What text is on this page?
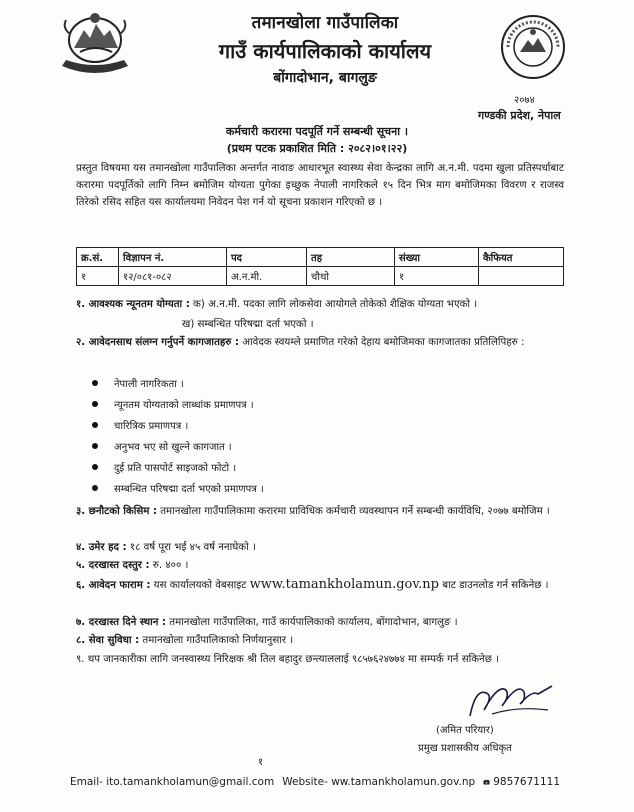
तमानखोला गाउँपालिका
गाउँ कार्यपालिकाको कार्यालय
बोंगादोभान, बागलुङ
२०७४
गण्डकी प्रदेश, नेपाल
कर्मचारी करारमा पदपूर्ति गर्ने सम्बन्धी सूचना ।
(प्रथम पटक प्रकाशित मिति : २०८२।०१।२२)
प्रस्तुत विषयमा यस तमानखोला गाउँपालिका अन्तर्गत नावाङ आधारभूत स्वास्थ्य सेवा केन्द्रका लागि अ.न.मी. पदमा खुला प्रतिस्पर्धाबाट करारमा पदपूर्तिको लागि निम्न बमोजिम योग्यता पुगेका इच्छुक नेपाली नागरिकले १५ दिन भित्र माग बमोजिमका विवरण र राजस्व तिरेको रसिद सहित यस कार्यालयमा निवेदन पेश गर्न यो सूचना प्रकाशन गरिएको छ ।
क्र.सं.	विज्ञापन नं.	पद	तह	संख्या	कैफियत
१	१२/०८१-०८२	अ.न.मी.	चौथो	१	
१. आवश्यक न्यूनतम योग्यता : क) अ.न.मी. पदका लागि लोकसेवा आयोगले तोकेको शैक्षिक योग्यता भएको ।
ख) सम्बन्धित परिषद्मा दर्ता भएको ।
२. आवेदनसाथ संलग्न गर्नुपर्ने कागजातहरु : आवेदक स्वयम्ले प्रमाणित गरेको देहाय बमोजिमका कागजातका प्रतिलिपिहरु :
नेपाली नागरिकता ।
न्यूनतम योग्यताको लाब्धांक प्रमाणपत्र ।
चारित्रिक प्रमाणपत्र ।
अनुभव भए सो खुल्ने कागजात ।
दुई प्रति पासपोर्ट साइजको फोटो ।
सम्बन्धित परिषद्मा दर्ता भएको प्रमाणपत्र ।
३. छनौटको किसिम : तमानखोला गाउँपालिकामा करारमा प्राविधिक कर्मचारी व्यवस्थापन गर्ने सम्बन्धी कार्यविधि, २०७७ बमोजिम ।
४. उमेर हद : १८ वर्ष पूरा भई ४५ वर्ष ननाघेको ।
५. दरखास्त दस्तुर : रु. ४०० ।
६. आवेदन फाराम : यस कार्यालयको वेबसाइट www.tamankholamun.gov.np बाट डाउनलोड गर्न सकिनेछ ।
७. दरखास्त दिने स्थान : तमानखोला गाउँपालिका, गाउँ कार्यपालिकाको कार्यालय, बोंगादोभान, बागलुङ ।
८. सेवा सुविधा : तमानखोला गाउँपालिकाको निर्णयानुसार ।
९. थप जानकारीका लागि जनस्वास्थ्य निरिक्षक श्री तिल बहादुर छन्त्याललाई ९८५७६२४७७४ मा सम्पर्क गर्न सकिनेछ ।
(अमित परियार)
प्रमुख प्रशासकीय अधिकृत
१
Email- ito.tamankholamun@gmail.com Website- ww.tamankholamun.gov.np 9857671111
